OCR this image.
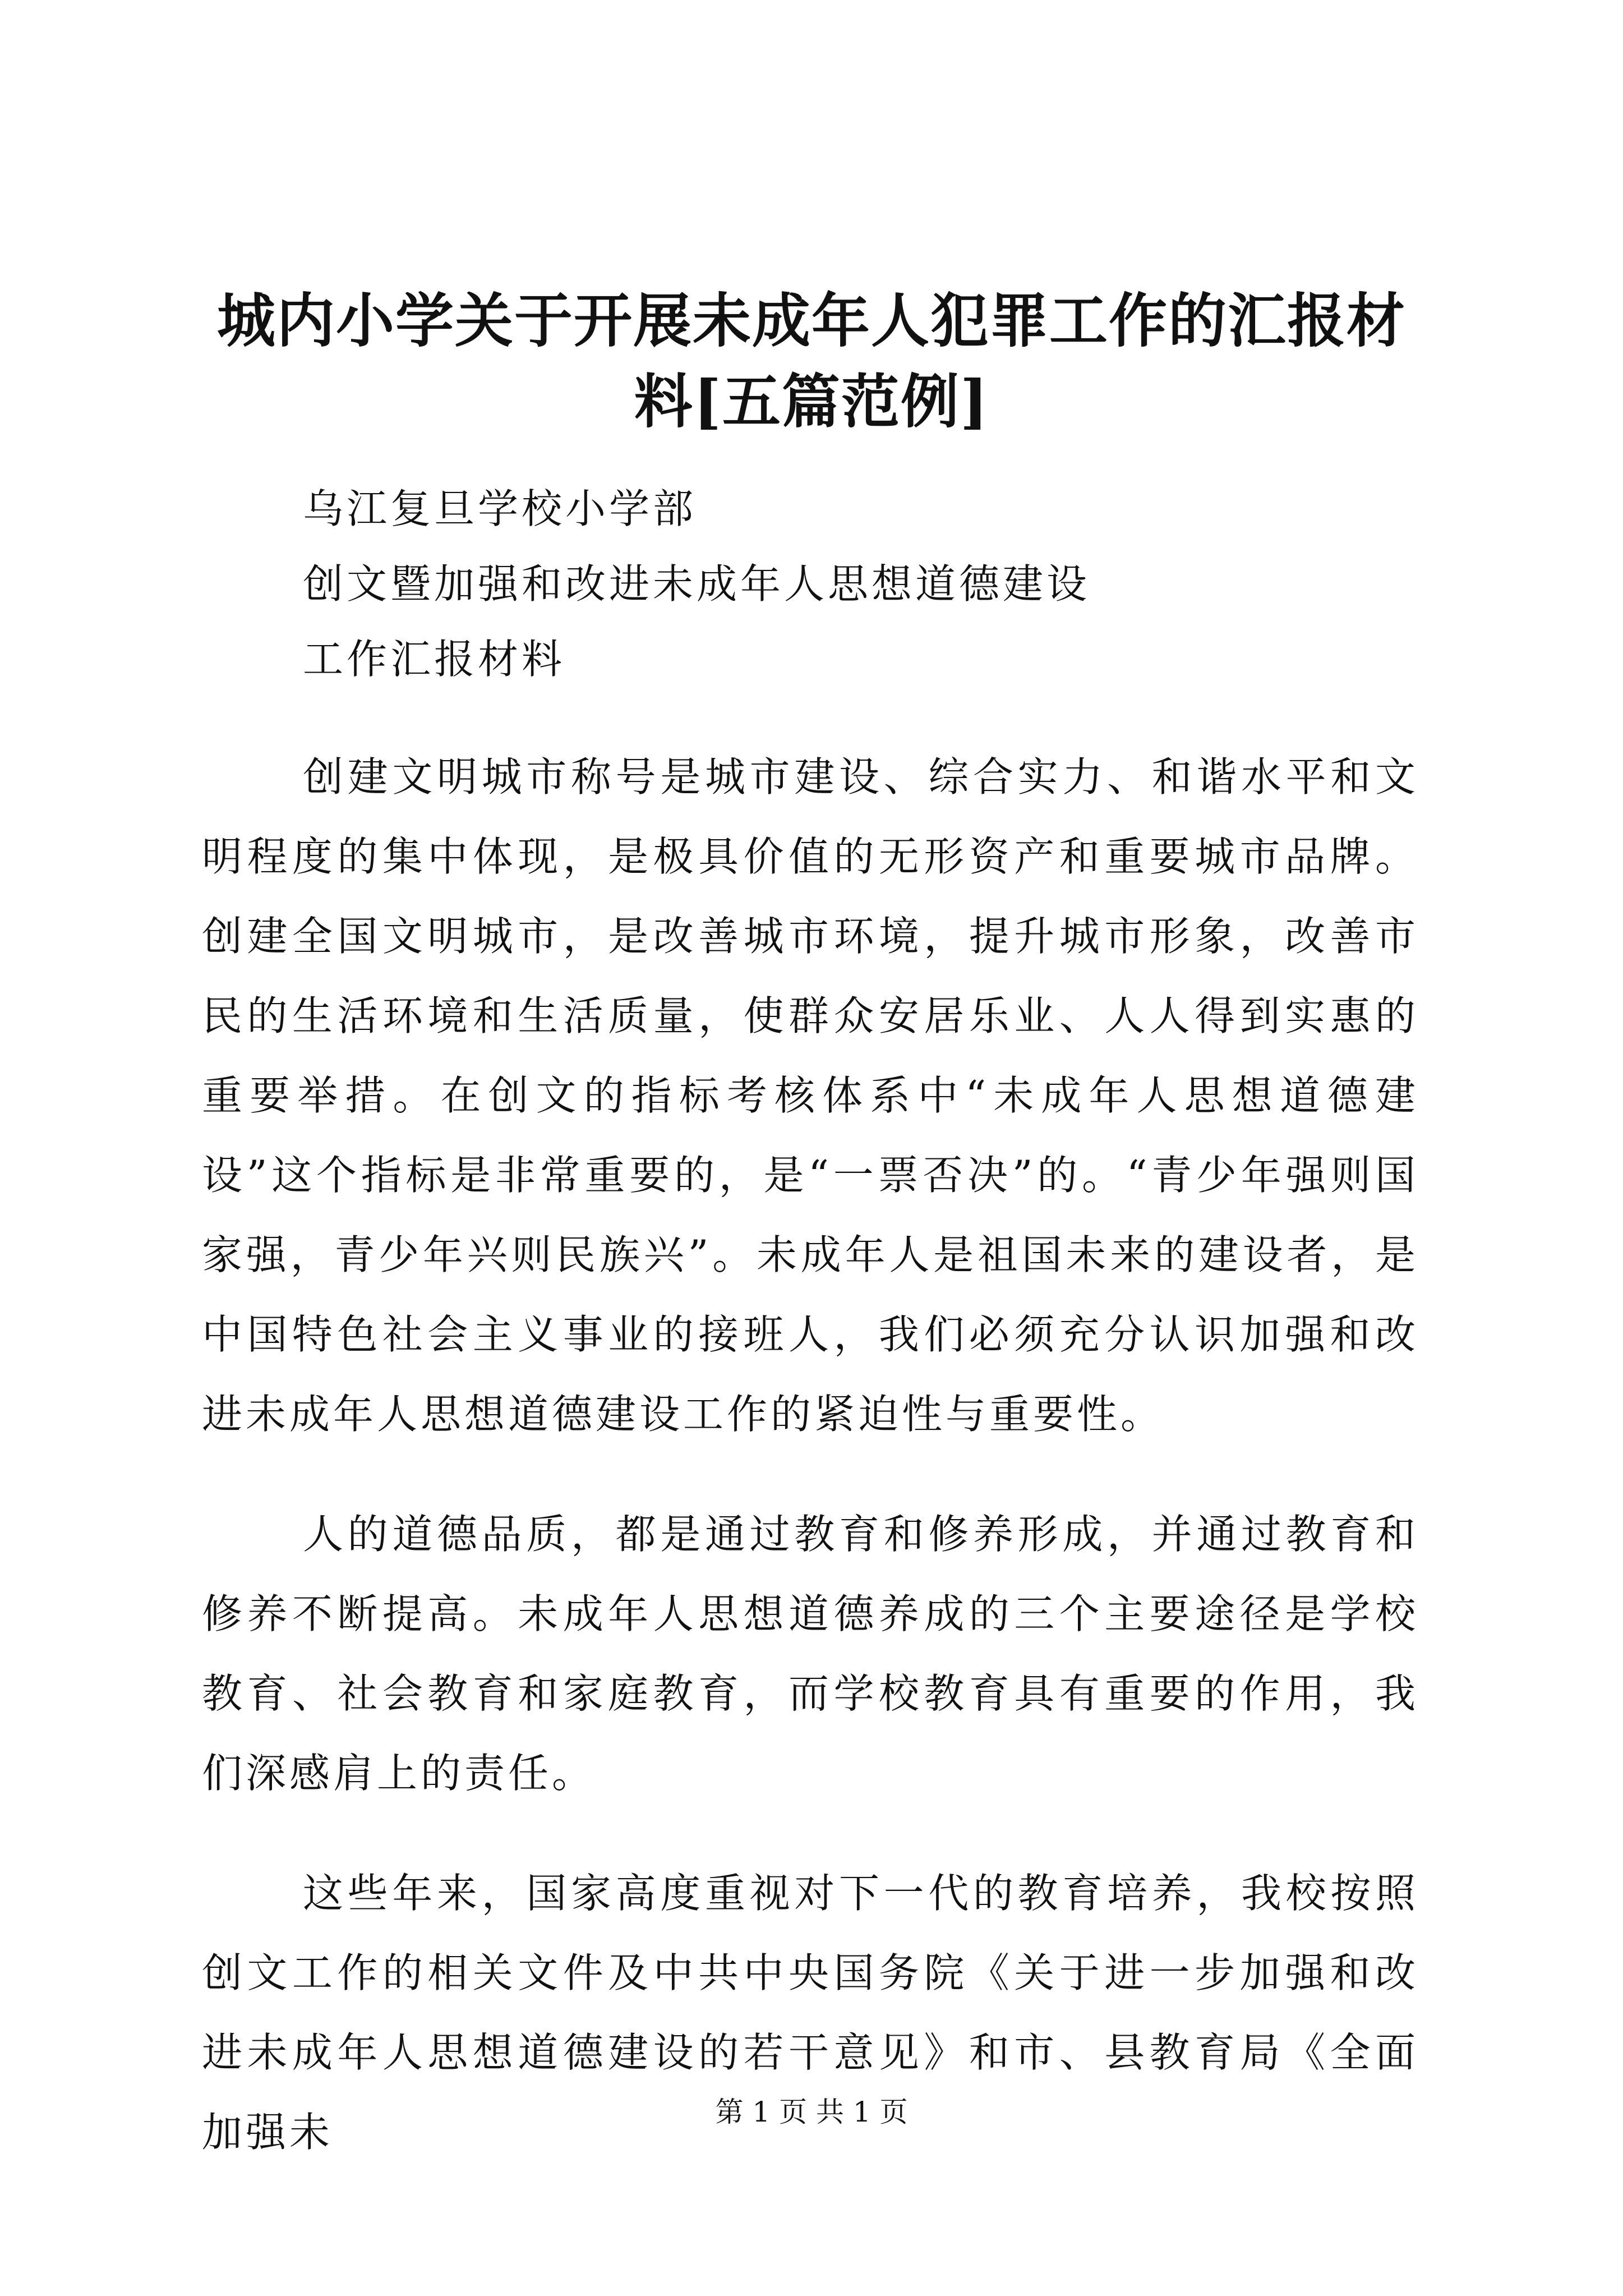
城内小学关于开展未成年人犯罪工作的汇报材料[五篇范例]

乌江复旦学校小学部

创文暨加强和改进未成年人思想道德建设

工作汇报材料

创建文明城市称号是城市建设、综合实力、和谐水平和文明程度的集中体现，是极具价值的无形资产和重要城市品牌。创建全国文明城市，是改善城市环境，提升城市形象，改善市民的生活环境和生活质量，使群众安居乐业、人人得到实惠的重要举措。在创文的指标考核体系中“未成年人思想道德建设”这个指标是非常重要的，是“一票否决”的。“青少年强则国家强，青少年兴则民族兴”。未成年人是祖国未来的建设者，是中国特色社会主义事业的接班人，我们必须充分认识加强和改进未成年人思想道德建设工作的紧迫性与重要性。

人的道德品质，都是通过教育和修养形成，并通过教育和修养不断提高。未成年人思想道德养成的三个主要途径是学校教育、社会教育和家庭教育，而学校教育具有重要的作用，我们深感肩上的责任。

这些年来，国家高度重视对下一代的教育培养，我校按照创文工作的相关文件及中共中央国务院《关于进一步加强和改进未成年人思想道德建设的若干意见》和市、县教育局《全面加强未	第 1 页 共 1 页
